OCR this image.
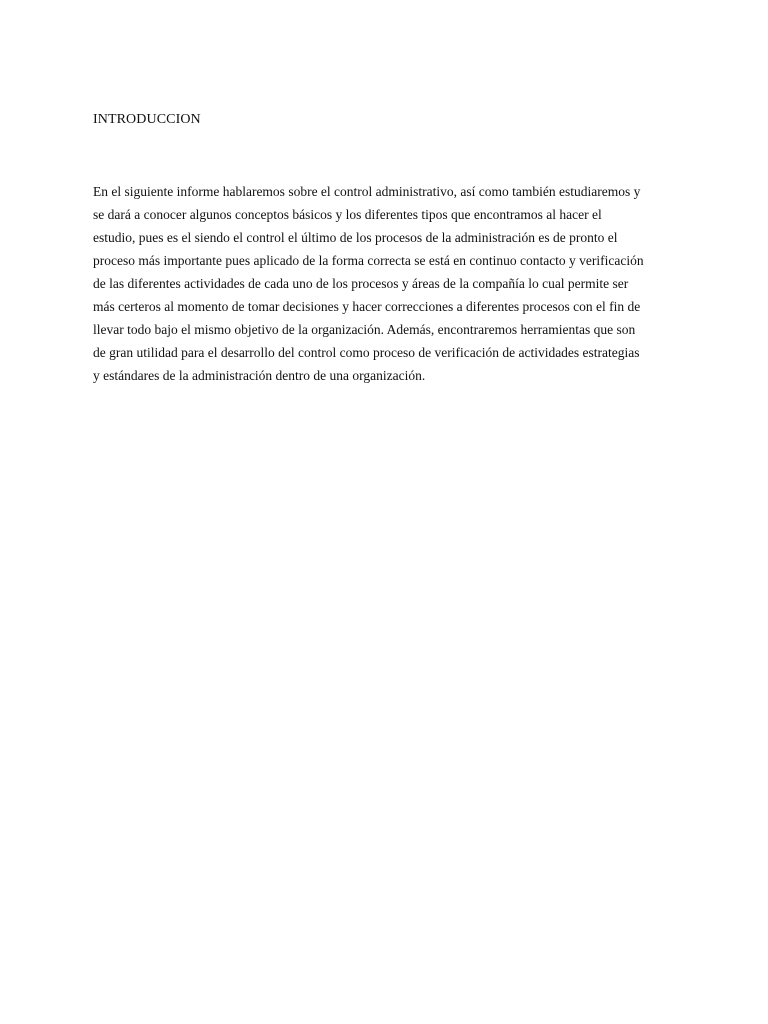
INTRODUCCION
En el siguiente informe hablaremos sobre el control administrativo, así como también estudiaremos y
se dará a conocer algunos conceptos básicos y los diferentes tipos que encontramos al hacer el
estudio, pues es el siendo el control el último de los procesos de la administración es de pronto el
proceso más importante pues aplicado de la forma correcta se está en continuo contacto y verificación
de las diferentes actividades de cada uno de los procesos y áreas de la compañía lo cual permite ser
más certeros al momento de tomar decisiones y hacer correcciones a diferentes procesos con el fin de
llevar todo bajo el mismo objetivo de la organización. Además, encontraremos herramientas que son
de gran utilidad para el desarrollo del control como proceso de verificación de actividades estrategias
y estándares de la administración dentro de una organización.
